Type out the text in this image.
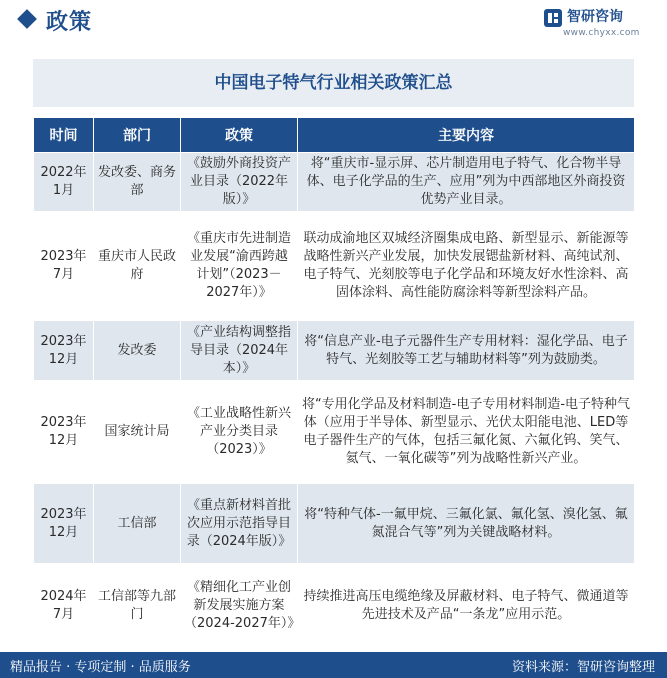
政策	智研咨询
www.chyxx.com
中国电子特气行业相关政策汇总
时间	部门	政策	主要内容
2022年1月	发改委、商务部	《鼓励外商投资产业目录（2022年版）》	将“重庆市-显示屏、芯片制造用电子特气、化合物半导体、电子化学品的生产、应用”列为中西部地区外商投资优势产业目录。
2023年7月	重庆市人民政府	《重庆市先进制造业发展“渝西跨越计划”（2023－2027年）》	联动成渝地区双城经济圈集成电路、新型显示、新能源等战略性新兴产业发展，加快发展锶盐新材料、高纯试剂、电子特气、光刻胶等电子化学品和环境友好水性涂料、高固体涂料、高性能防腐涂料等新型涂料产品。
2023年12月	发改委	《产业结构调整指导目录（2024年本）》	将“信息产业-电子元器件生产专用材料：湿化学品、电子特气、光刻胶等工艺与辅助材料等”列为鼓励类。
2023年12月	国家统计局	《工业战略性新兴产业分类目录（2023）》	将“专用化学品及材料制造-电子专用材料制造-电子特种气体（应用于半导体、新型显示、光伏太阳能电池、LED等电子器件生产的气体，包括三氟化氮、六氟化钨、笑气、氦气、一氧化碳等”列为战略性新兴产业。
2023年12月	工信部	《重点新材料首批次应用示范指导目录（2024年版）》	将“特种气体-一氟甲烷、三氟化氯、氟化氢、溴化氢、氟氮混合气等”列为关键战略材料。
2024年7月	工信部等九部门	《精细化工产业创新发展实施方案（2024-2027年）》	持续推进高压电缆绝缘及屏蔽材料、电子特气、微通道等先进技术及产品“一条龙”应用示范。
精品报告 · 专项定制 · 品质服务	资料来源：智研咨询整理
